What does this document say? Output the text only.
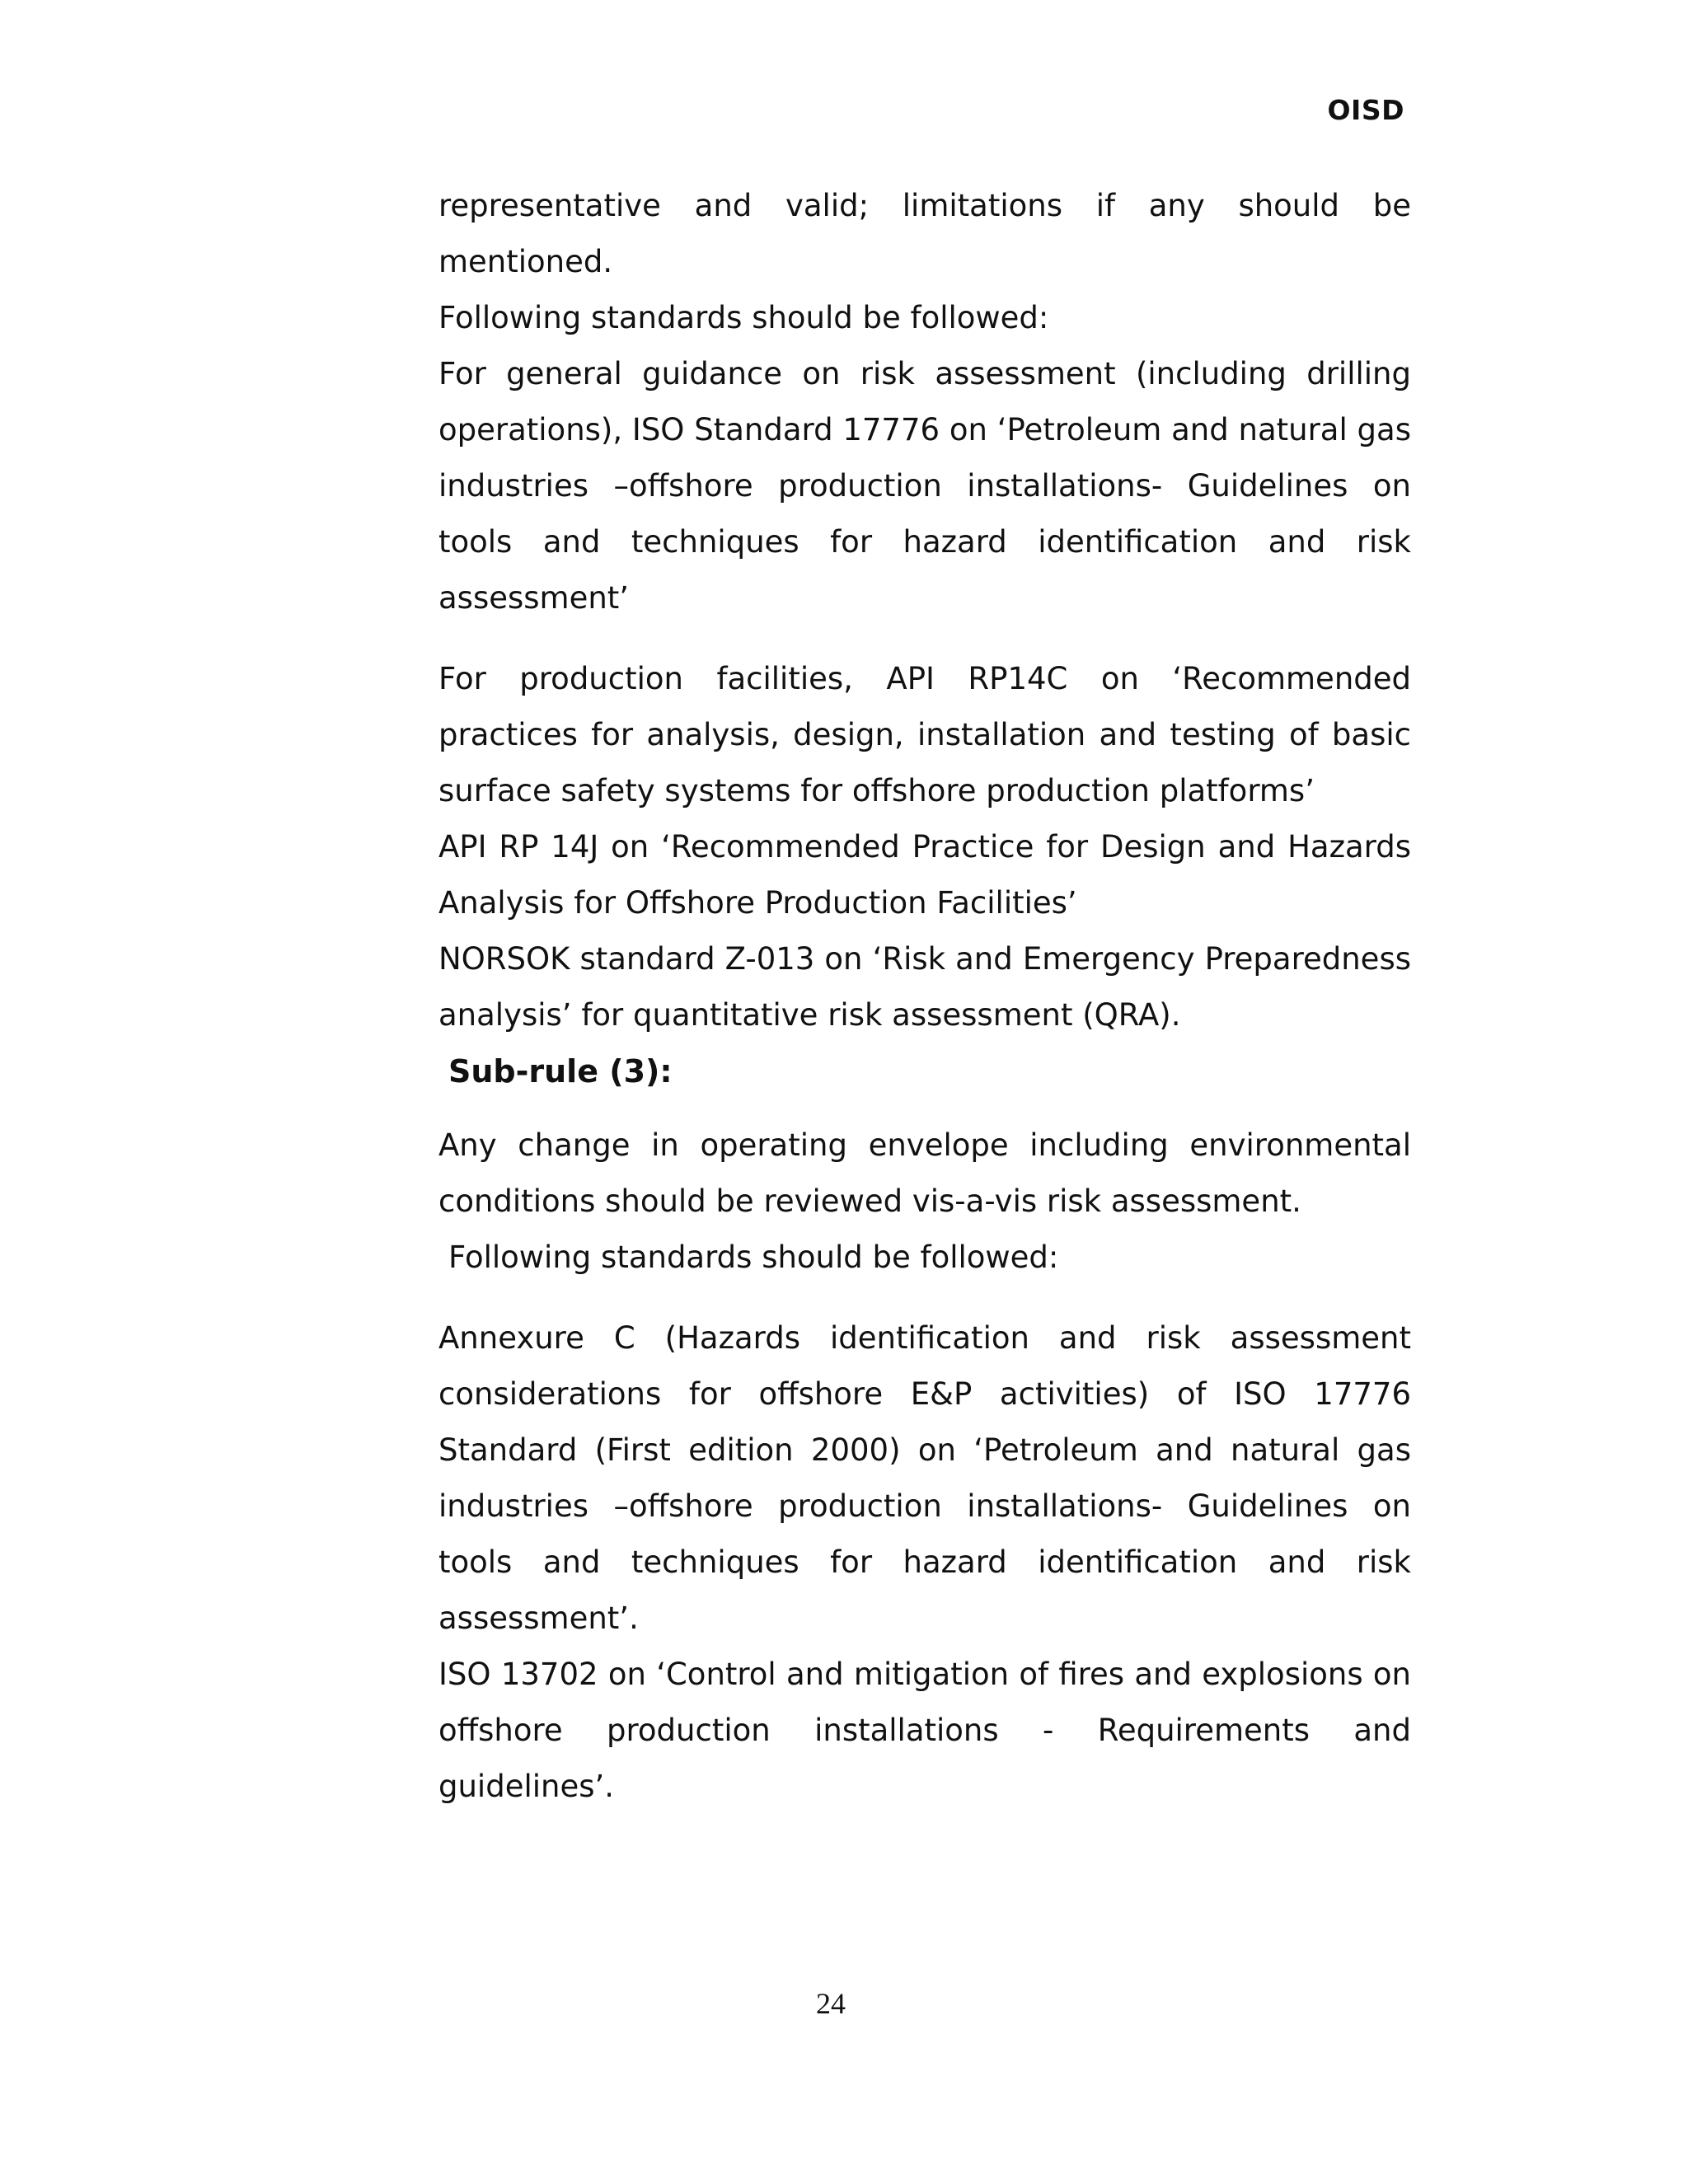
OISD

representative and valid; limitations if any should be mentioned.

Following standards should be followed:

For general guidance on risk assessment (including drilling operations), ISO Standard 17776 on ‘Petroleum and natural gas industries –offshore production installations- Guidelines on tools and techniques for hazard identification and risk assessment’

For production facilities, API RP14C on ‘Recommended practices for analysis, design, installation and testing of basic surface safety systems for offshore production platforms’

API RP 14J on ‘Recommended Practice for Design and Hazards Analysis for Offshore Production Facilities’

NORSOK standard Z-013 on ‘Risk and Emergency Preparedness analysis’ for quantitative risk assessment (QRA).

Sub-rule (3):

Any change in operating envelope including environmental conditions should be reviewed vis-a-vis risk assessment.

Following standards should be followed:

Annexure C (Hazards identification and risk assessment considerations for offshore E&P activities) of ISO 17776 Standard (First edition 2000) on ‘Petroleum and natural gas industries –offshore production installations- Guidelines on tools and techniques for hazard identification and risk assessment’.

ISO 13702 on ‘Control and mitigation of fires and explosions on offshore production installations - Requirements and guidelines’.

24
